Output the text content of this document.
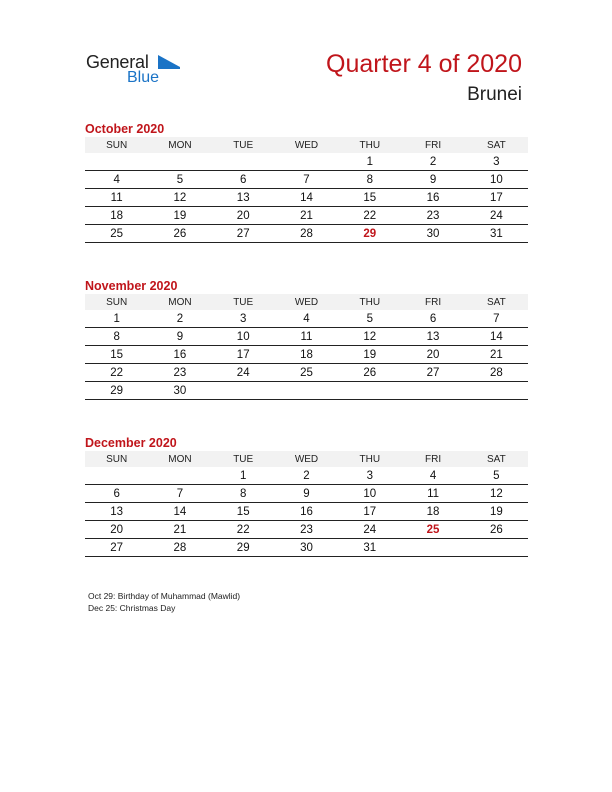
General
Blue	Quarter 4 of 2020
Brunei
October 2020
SUN	MON	TUE	WED	THU	FRI	SAT
				1	2	3
4	5	6	7	8	9	10
11	12	13	14	15	16	17
18	19	20	21	22	23	24
25	26	27	28	29	30	31
November 2020
SUN	MON	TUE	WED	THU	FRI	SAT
1	2	3	4	5	6	7
8	9	10	11	12	13	14
15	16	17	18	19	20	21
22	23	24	25	26	27	28
29	30					
December 2020
SUN	MON	TUE	WED	THU	FRI	SAT
		1	2	3	4	5
6	7	8	9	10	11	12
13	14	15	16	17	18	19
20	21	22	23	24	25	26
27	28	29	30	31		
Oct 29: Birthday of Muhammad (Mawlid)
Dec 25: Christmas Day
